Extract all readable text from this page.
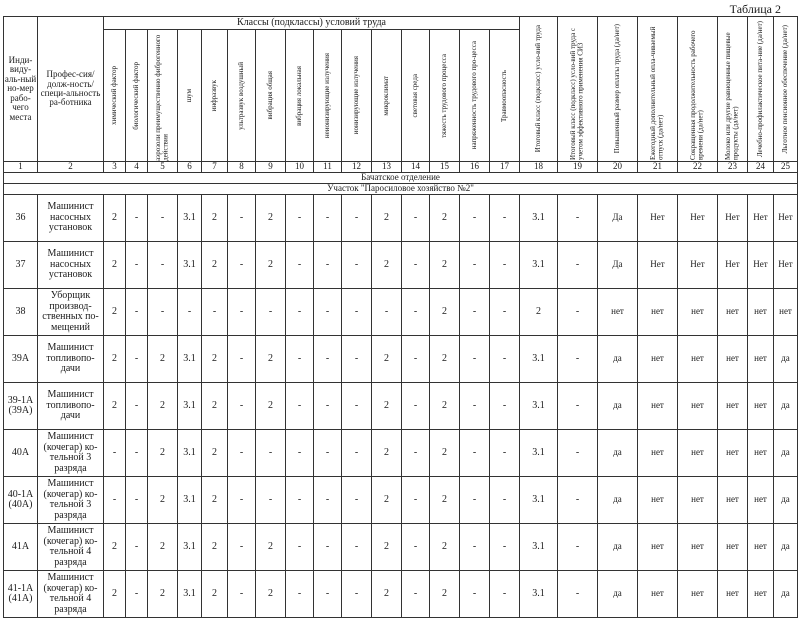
Таблица 2
Инди-виду-аль-ный но-мер рабо-чего места	Профес-сия/долж-ность/специ-альность ра-ботника	Классы (подклассы) условий труда															Итоговый класс (подкласс) усло-вий труда	Итоговый класс (подкласс) усло-вий труда с учетом эффективного применения СИЗ	Повышенный размер оплаты труда (да/нет)	Ежегодный дополнительный опла-чиваемый отпуск (да/нет)	Сокращенная продолжительность рабочего времени (да/нет)	Молоко или другие равноценные пищевые продукты (да/нет)	Лечебно-профилактическое пита-ние (да/нет)	Льготное пенсионное обеспечение (да/нет)

		химический фактор	биологический фактор	аэрозоли преимущественно фиброгенного действия	шум	инфразвук	ультразвук воздушный	вибрация общая	вибрация локальная	неионизирующие излучения	ионизирующие излучения	микроклимат	световая среда	тяжесть трудового процесса	напряженность трудового про-цесса	Травмоопасность								

1	2	3	4	5	6	7	8	9	10	11	12	13	14	15	16	17	18	19	20	21	22	23	24	25
Бачатское отделение																								
Участок "Паросиловое хозяйство №2"																								
36	Машинист насосных установок	2	-	-	3.1	2	-	2	-	-	-	2	-	2	-	-	3.1	-	Да	Нет	Нет	Нет	Нет	Нет
37	Машинист насосных установок	2	-	-	3.1	2	-	2	-	-	-	2	-	2	-	-	3.1	-	Да	Нет	Нет	Нет	Нет	Нет
38	Уборщик производ-ственных по-мещений	2	-	-	-	-	-	-	-	-	-	-	-	2	-	-	2	-	нет	нет	нет	нет	нет	нет
39А	Машинист топливопо-дачи	2	-	2	3.1	2	-	2	-	-	-	2	-	2	-	-	3.1	-	да	нет	нет	нет	нет	да
39-1А (39А)	Машинист топливопо-дачи	2	-	2	3.1	2	-	2	-	-	-	2	-	2	-	-	3.1	-	да	нет	нет	нет	нет	да
40А	Машинист (кочегар) ко-тельной 3 разряда	-	-	2	3.1	2	-	-	-	-	-	2	-	2	-	-	3.1	-	да	нет	нет	нет	нет	да
40-1А (40А)	Машинист (кочегар) ко-тельной 3 разряда	-	-	2	3.1	2	-	-	-	-	-	2	-	2	-	-	3.1	-	да	нет	нет	нет	нет	да
41А	Машинист (кочегар) ко-тельной 4 разряда	2	-	2	3.1	2	-	2	-	-	-	2	-	2	-	-	3.1	-	да	нет	нет	нет	нет	да
41-1А (41А)	Машинист (кочегар) ко-тельной 4 разряда	2	-	2	3.1	2	-	2	-	-	-	2	-	2	-	-	3.1	-	да	нет	нет	нет	нет	да
